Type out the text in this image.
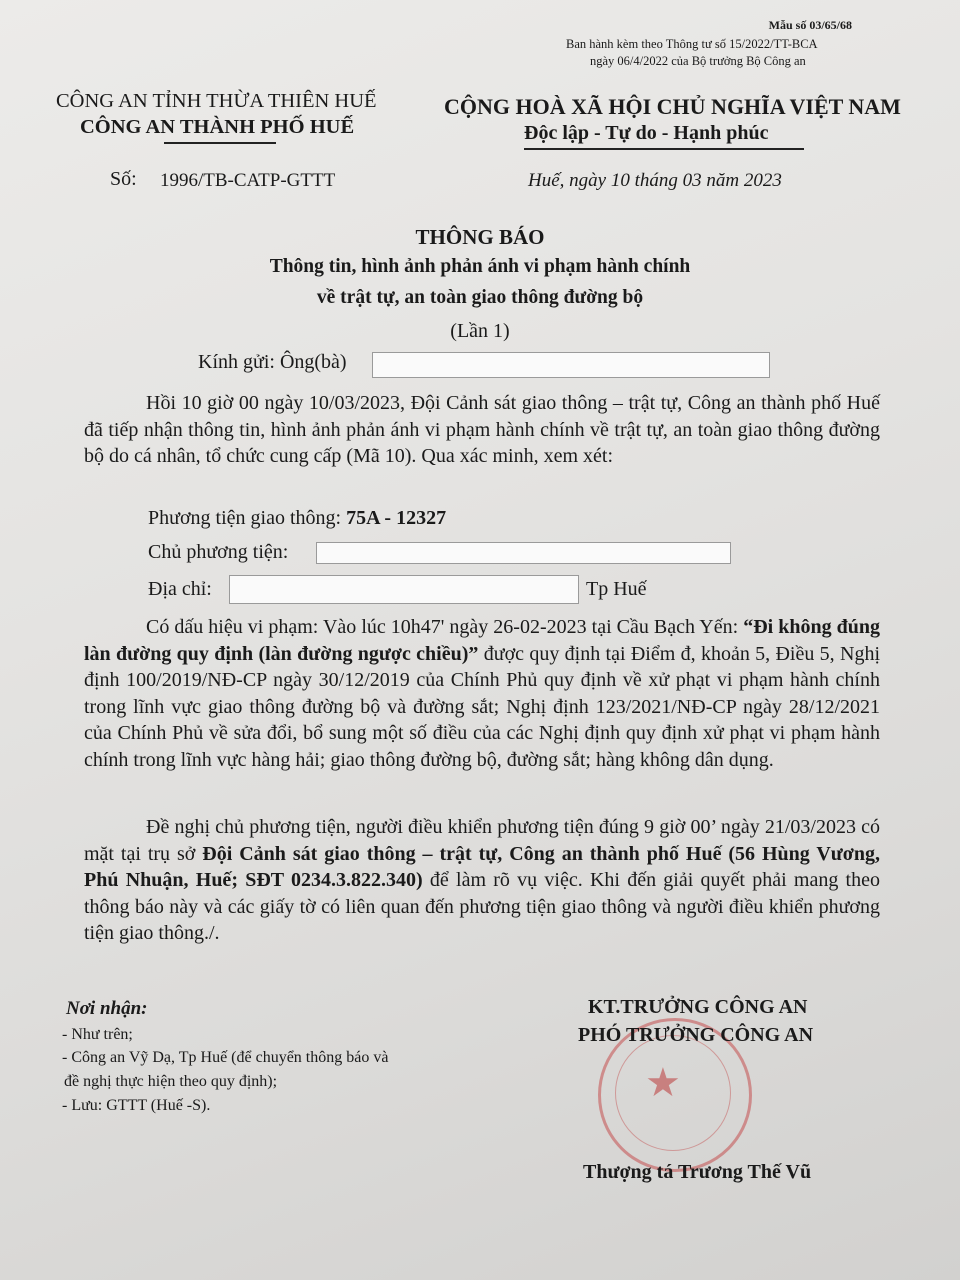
Mẫu số 03/65/68
Ban hành kèm theo Thông tư số 15/2022/TT-BCA
ngày 06/4/2022 của Bộ trưởng Bộ Công an
CÔNG AN TỈNH THỪA THIÊN HUẾ
CÔNG AN THÀNH PHỐ HUẾ
CỘNG HOÀ XÃ HỘI CHỦ NGHĨA VIỆT NAM
Độc lập - Tự do - Hạnh phúc
Số: 1996/TB-CATP-GTTT	Huế, ngày 10 tháng 03 năm 2023
THÔNG BÁO
Thông tin, hình ảnh phản ánh vi phạm hành chính
về trật tự, an toàn giao thông đường bộ
(Lần 1)
Kính gửi: Ông(bà)
Hồi 10 giờ 00 ngày 10/03/2023, Đội Cảnh sát giao thông – trật tự, Công an thành phố Huế đã tiếp nhận thông tin, hình ảnh phản ánh vi phạm hành chính về trật tự, an toàn giao thông đường bộ do cá nhân, tổ chức cung cấp (Mã 10). Qua xác minh, xem xét:
Phương tiện giao thông: 75A - 12327
Chủ phương tiện:
Địa chỉ:	Tp Huế
Có dấu hiệu vi phạm: Vào lúc 10h47' ngày 26-02-2023 tại Cầu Bạch Yến: “Đi không đúng làn đường quy định (làn đường ngược chiều)” được quy định tại Điểm đ, khoản 5, Điều 5, Nghị định 100/2019/NĐ-CP ngày 30/12/2019 của Chính Phủ quy định về xử phạt vi phạm hành chính trong lĩnh vực giao thông đường bộ và đường sắt; Nghị định 123/2021/NĐ-CP ngày 28/12/2021 của Chính Phủ về sửa đổi, bổ sung một số điều của các Nghị định quy định xử phạt vi phạm hành chính trong lĩnh vực hàng hải; giao thông đường bộ, đường sắt; hàng không dân dụng.
Đề nghị chủ phương tiện, người điều khiển phương tiện đúng 9 giờ 00’ ngày 21/03/2023 có mặt tại trụ sở Đội Cảnh sát giao thông – trật tự, Công an thành phố Huế (56 Hùng Vương, Phú Nhuận, Huế; SĐT 0234.3.822.340) để làm rõ vụ việc. Khi đến giải quyết phải mang theo thông báo này và các giấy tờ có liên quan đến phương tiện giao thông và người điều khiển phương tiện giao thông./.
Nơi nhận:
- Như trên;
- Công an Vỹ Dạ, Tp Huế (để chuyển thông báo và
đề nghị thực hiện theo quy định);
- Lưu: GTTT (Huế -S).
★
KT.TRƯỞNG CÔNG AN
PHÓ TRƯỞNG CÔNG AN
Thượng tá Trương Thế Vũ
